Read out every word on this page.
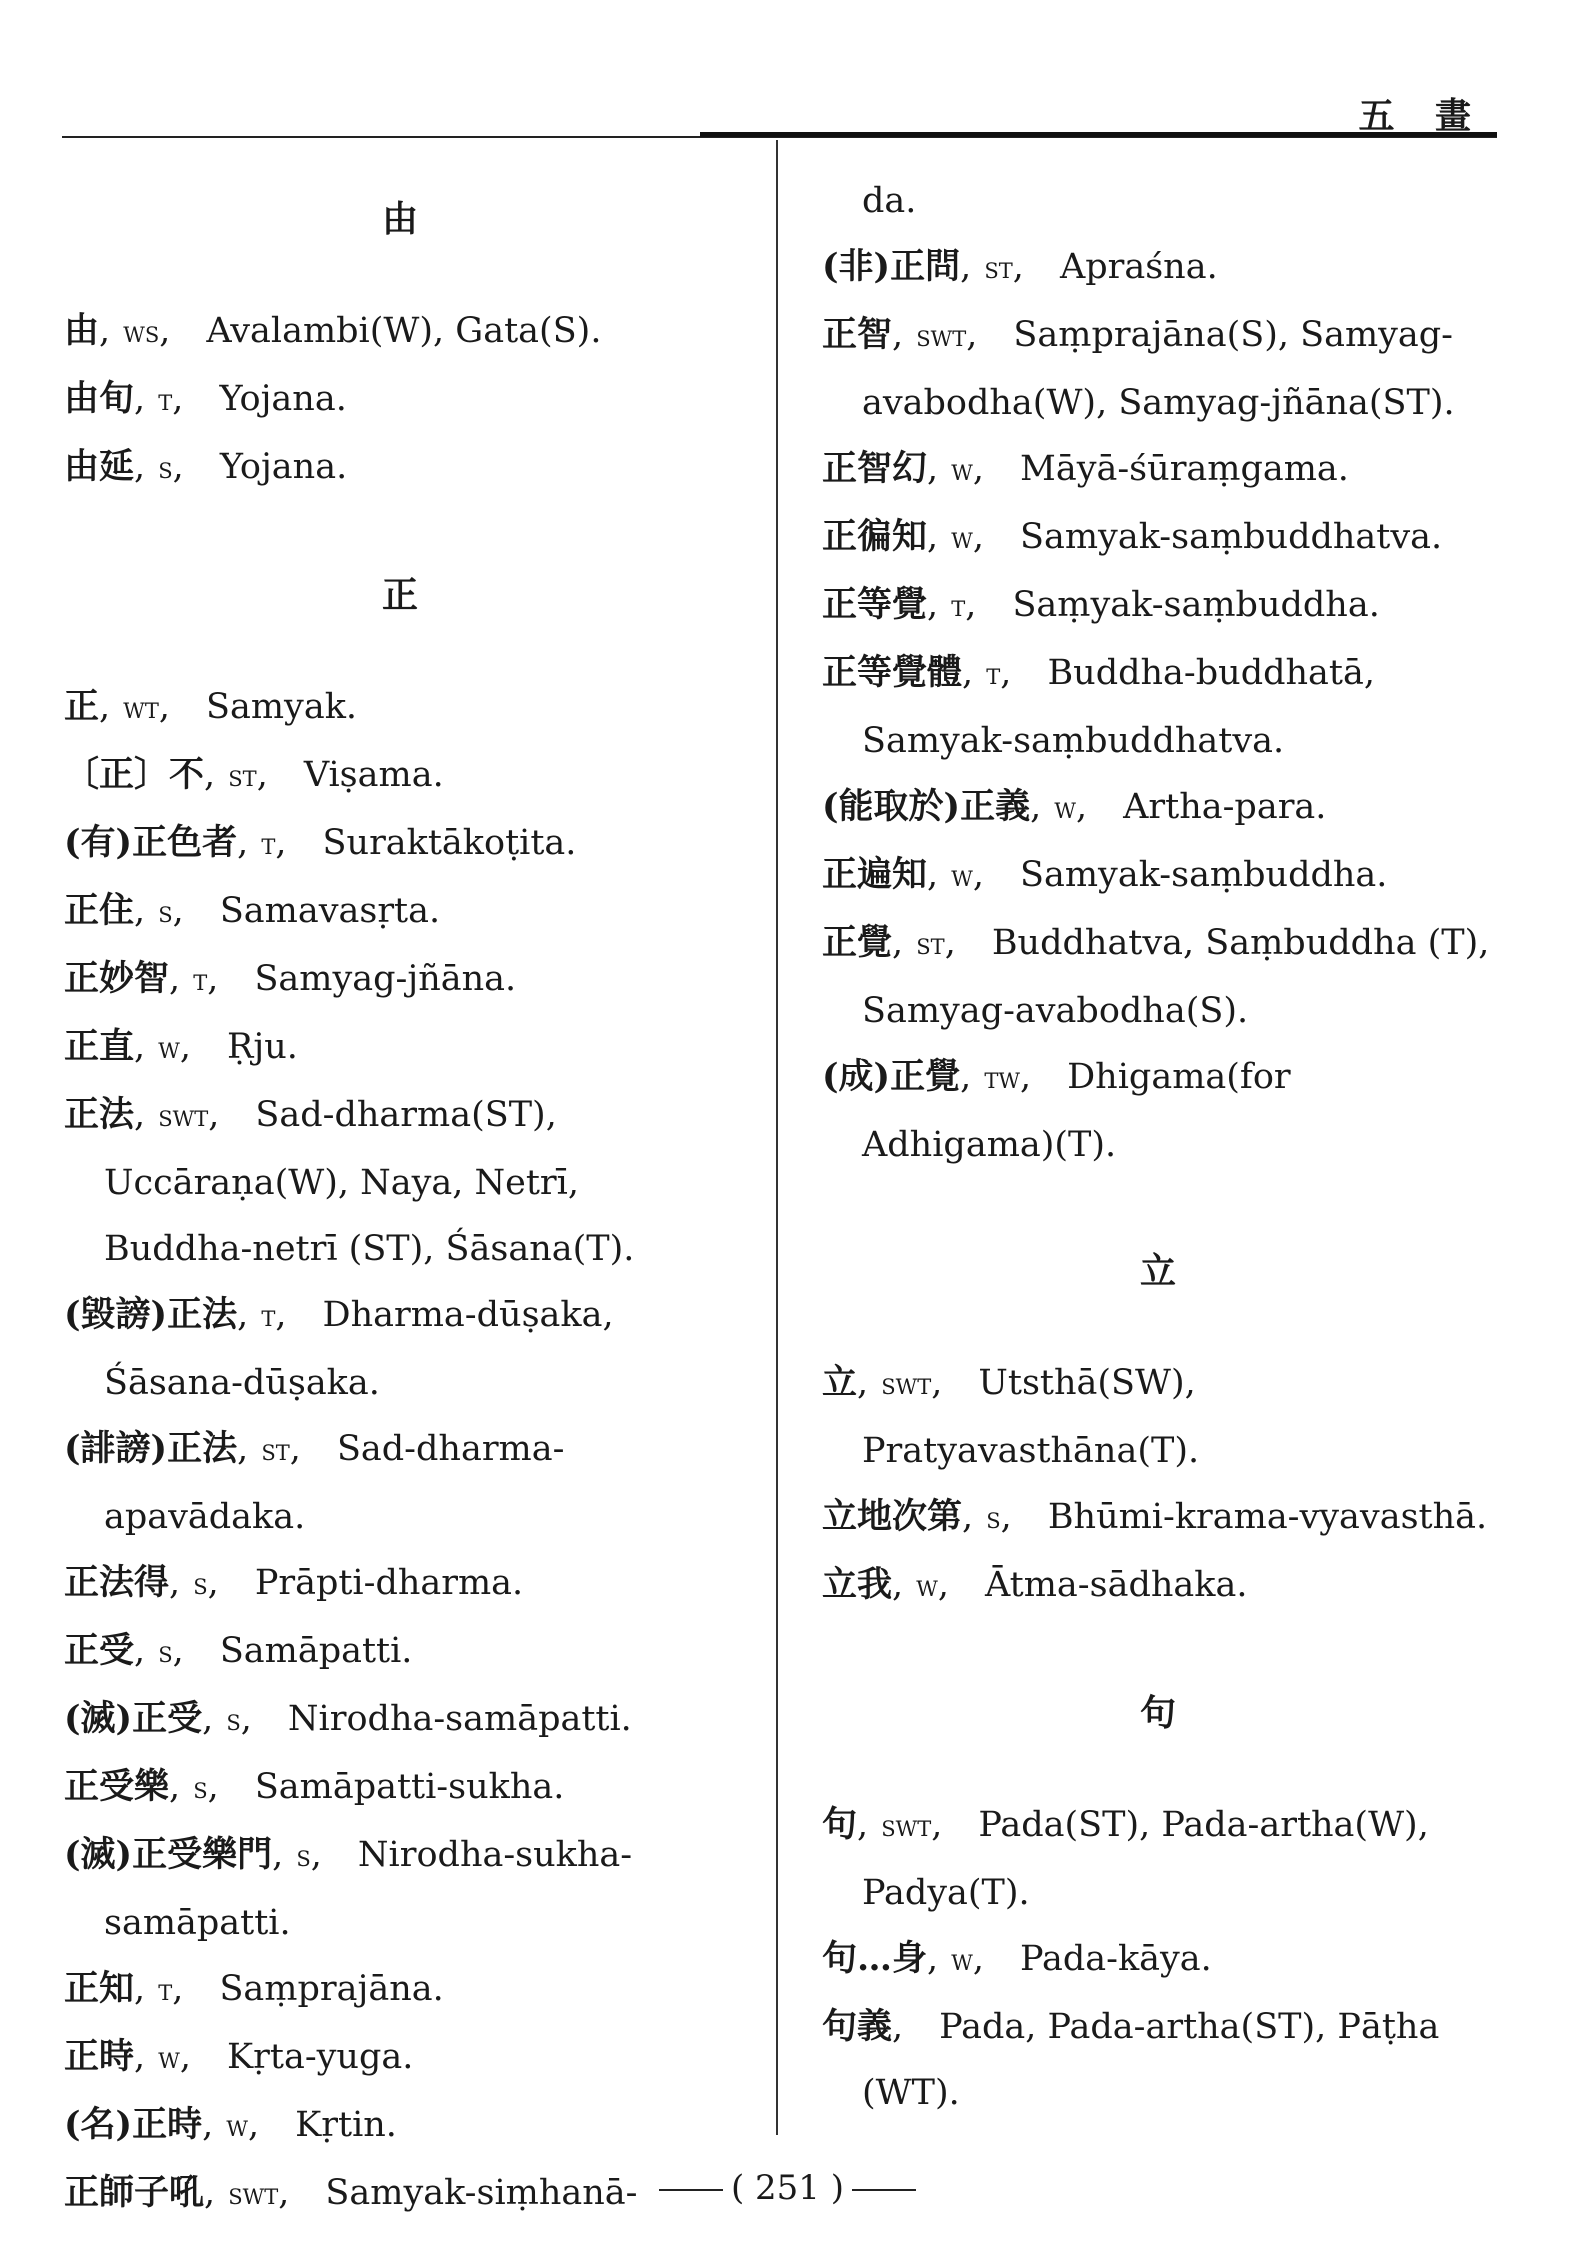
五 畫
由
由, ws, Avalambi(W), Gata(S).
由旬, t, Yojana.
由延, s, Yojana.
正
正, wt, Samyak.
〔正〕不, st, Viṣama.
(有)正色者, t, Suraktākoṭita.
正住, s, Samavasṛta.
正妙智, t, Samyag-jñāna.
正直, w, Ṛju.
正法, swt, Sad-dharma(ST), Uccāraṇa(W), Naya, Netrī, Buddha-netrī (ST), Śāsana(T).
(毀謗)正法, t, Dharma-dūṣaka, Śāsana-dūṣaka.
(誹謗)正法, st, Sad-dharma-apavādaka.
正法得, s, Prāpti-dharma.
正受, s, Samāpatti.
(滅)正受, s, Nirodha-samāpatti.
正受樂, s, Samāpatti-sukha.
(滅)正受樂門, s, Nirodha-sukha-samāpatti.
正知, t, Saṃprajāna.
正時, w, Kṛta-yuga.
(名)正時, w, Kṛtin.
正師子吼, swt, Samyak-siṃhanā-
da.
(非)正問, st, Apraśna.
正智, swt, Saṃprajāna(S), Samyag-avabodha(W), Samyag-jñāna(ST).
正智幻, w, Māyā-śūraṃgama.
正徧知, w, Samyak-saṃbuddhatva.
正等覺, t, Saṃyak-saṃbuddha.
正等覺體, t, Buddha-buddhatā, Samyak-saṃbuddhatva.
(能取於)正義, w, Artha-para.
正遍知, w, Samyak-saṃbuddha.
正覺, st, Buddhatva, Saṃbuddha (T), Samyag-avabodha(S).
(成)正覺, tw, Dhigama(for Adhigama)(T).
立
立, swt, Utsthā(SW), Pratyavasthāna(T).
立地次第, s, Bhūmi-krama-vyavasthā.
立我, w, Ātma-sādhaka.
句
句, swt, Pada(ST), Pada-artha(W), Padya(T).
句…身, w, Pada-kāya.
句義, Pada, Pada-artha(ST), Pāṭha (WT).
( 251 )
